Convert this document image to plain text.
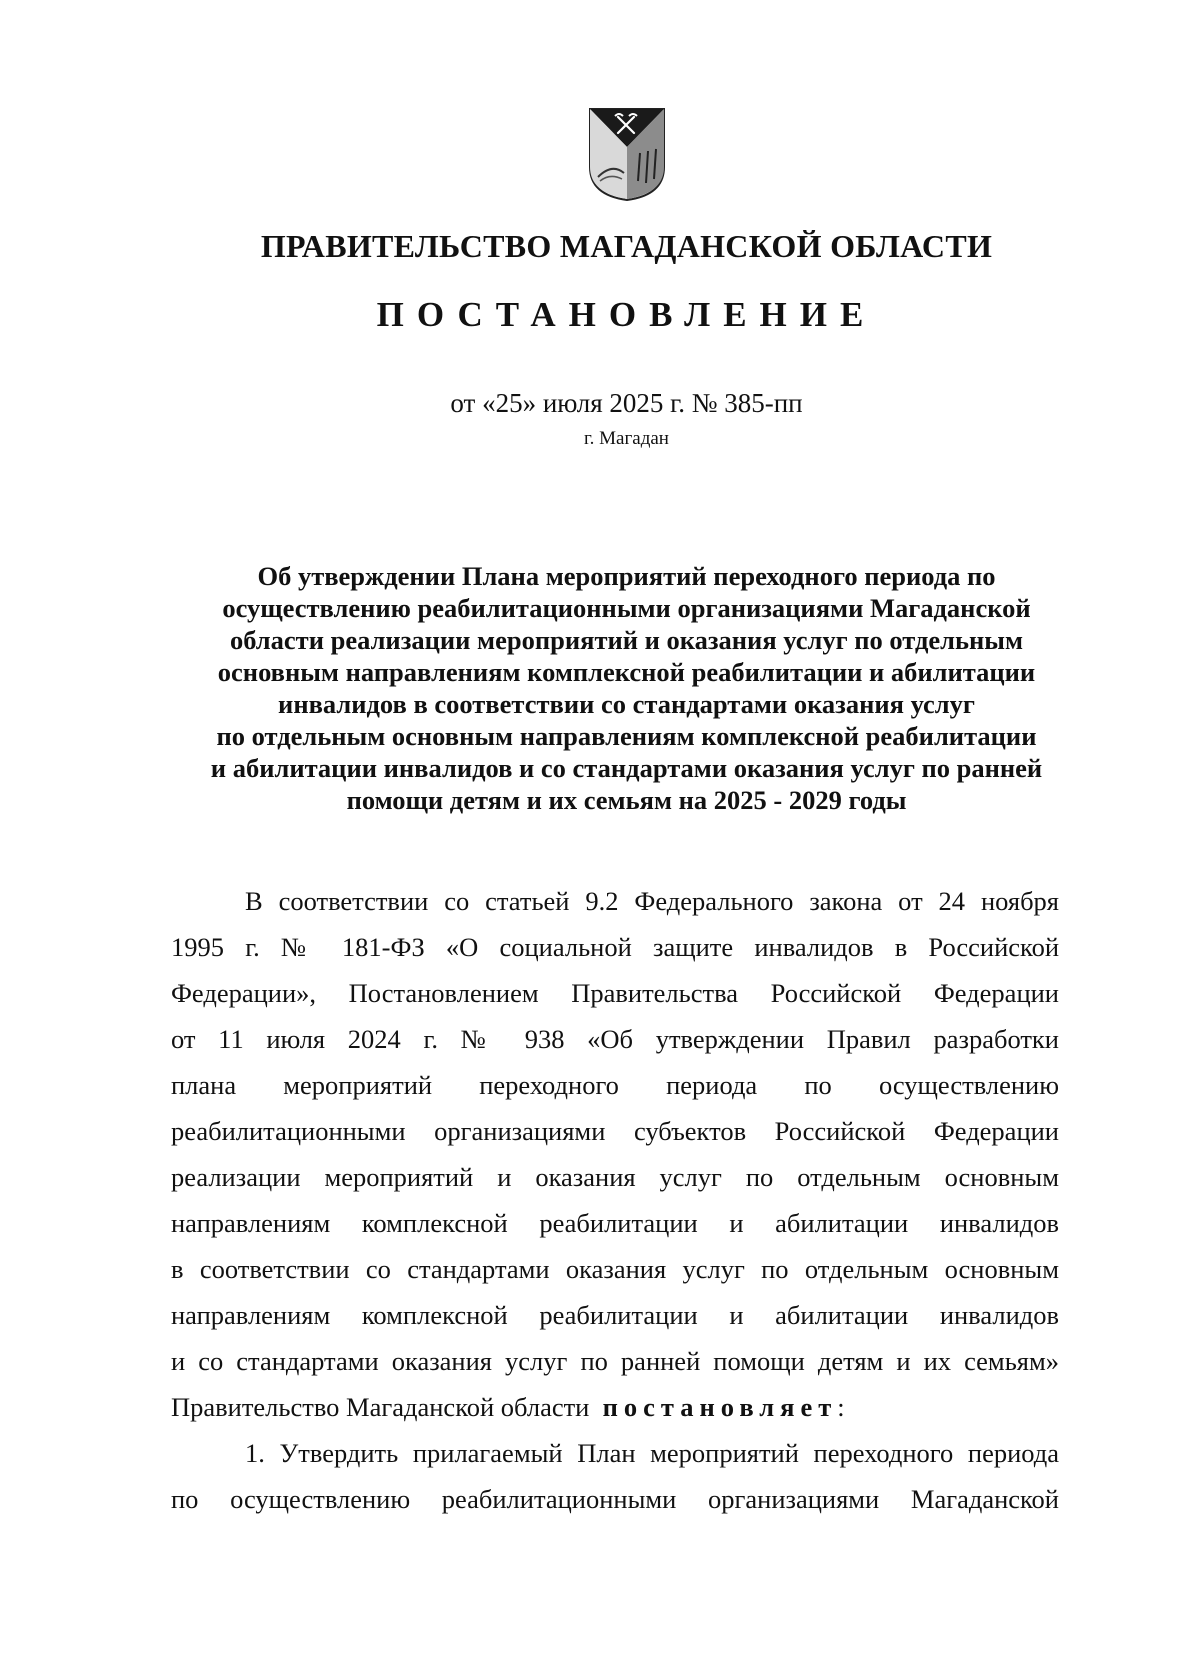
ПРАВИТЕЛЬСТВО МАГАДАНСКОЙ ОБЛАСТИ
ПОСТАНОВЛЕНИЕ
от «25» июля 2025 г. № 385-пп
г. Магадан
Об утверждении Плана мероприятий переходного периода по
осуществлению реабилитационными организациями Магаданской
области реализации мероприятий и оказания услуг по отдельным
основным направлениям комплексной реабилитации и абилитации
инвалидов в соответствии со стандартами оказания услуг
по отдельным основным направлениям комплексной реабилитации
и абилитации инвалидов и со стандартами оказания услуг по ранней
помощи детям и их семьям на 2025 - 2029 годы
В соответствии со статьей 9.2 Федерального закона от 24 ноября
1995 г. № 181-ФЗ «О социальной защите инвалидов в Российской
Федерации», Постановлением Правительства Российской Федерации
от 11 июля 2024 г. № 938 «Об утверждении Правил разработки
плана мероприятий переходного периода по осуществлению
реабилитационными организациями субъектов Российской Федерации
реализации мероприятий и оказания услуг по отдельным основным
направлениям комплексной реабилитации и абилитации инвалидов
в соответствии со стандартами оказания услуг по отдельным основным
направлениям комплексной реабилитации и абилитации инвалидов
и со стандартами оказания услуг по ранней помощи детям и их семьям»
Правительство Магаданской области постановляет:
1. Утвердить прилагаемый План мероприятий переходного периода
по осуществлению реабилитационными организациями Магаданской
